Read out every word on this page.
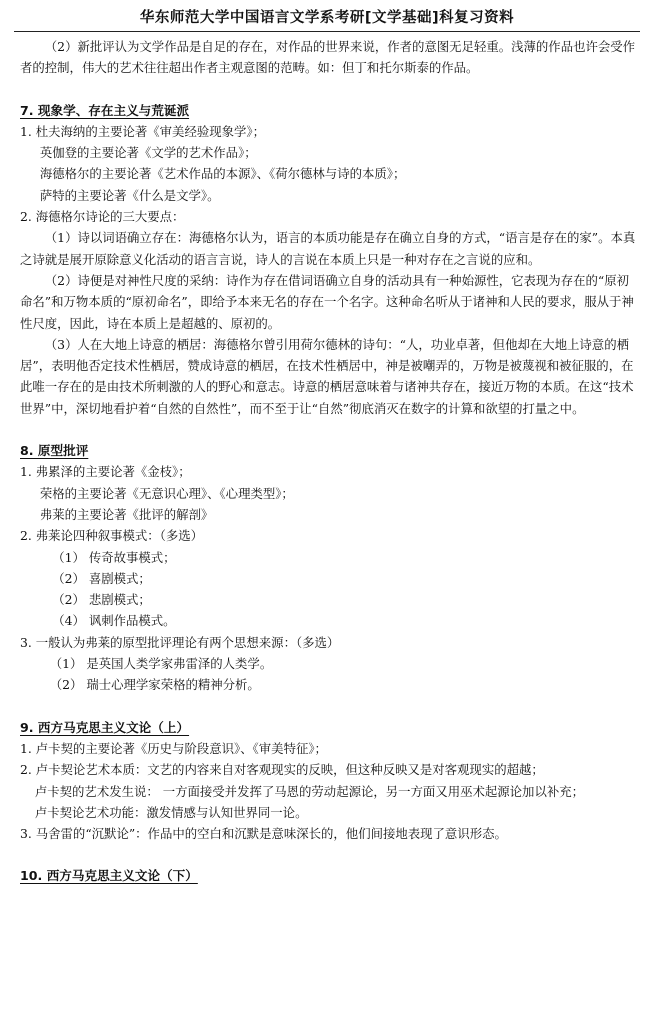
华东师范大学中国语言文学系考研[文学基础]科复习资料

（2）新批评认为文学作品是自足的存在，对作品的世界来说，作者的意图无足轻重。浅薄的作品也许会受作者的控制，伟大的艺术往往超出作者主观意图的范畴。如：但丁和托尔斯泰的作品。

7. 现象学、存在主义与荒诞派

1. 杜夫海纳的主要论著《审美经验现象学》；

英伽登的主要论著《文学的艺术作品》；

海德格尔的主要论著《艺术作品的本源》、《荷尔德林与诗的本质》；

萨特的主要论著《什么是文学》。

2. 海德格尔诗论的三大要点：

（1）诗以词语确立存在：海德格尔认为，语言的本质功能是存在确立自身的方式，“语言是存在的家”。本真之诗就是展开原除意义化活动的语言言说，诗人的言说在本质上只是一种对存在之言说的应和。

（2）诗便是对神性尺度的采纳：诗作为存在借词语确立自身的活动具有一种始源性，它表现为存在的“原初命名”和万物本质的“原初命名”，即给予本来无名的存在一个名字。这种命名听从于诸神和人民的要求，服从于神性尺度，因此，诗在本质上是超越的、原初的。

（3）人在大地上诗意的栖居：海德格尔曾引用荷尔德林的诗句：“人，功业卓著，但他却在大地上诗意的栖居”，表明他否定技术性栖居，赞成诗意的栖居，在技术性栖居中，神是被嘲弄的，万物是被蔑视和被征服的，在此唯一存在的是由技术所刺激的人的野心和意志。诗意的栖居意味着与诸神共存在，接近万物的本质。在这“技术世界”中，深切地看护着“自然的自然性”，而不至于让“自然”彻底消灭在数字的计算和欲望的打量之中。

8. 原型批评

1. 弗累泽的主要论著《金枝》；

荣格的主要论著《无意识心理》、《心理类型》；

弗莱的主要论著《批评的解剖》

2. 弗莱论四种叙事模式：（多选）

（1） 传奇故事模式；

（2） 喜剧模式；

（2） 悲剧模式；

（4） 讽刺作品模式。

3. 一般认为弗莱的原型批评理论有两个思想来源：（多选）

（1） 是英国人类学家弗雷泽的人类学。

（2） 瑞士心理学家荣格的精神分析。

9. 西方马克思主义文论（上）

1. 卢卡契的主要论著《历史与阶段意识》、《审美特征》；

2. 卢卡契论艺术本质：文艺的内容来自对客观现实的反映，但这种反映又是对客观现实的超越；

卢卡契的艺术发生说： 一方面接受并发挥了马恩的劳动起源论，另一方面又用巫术起源论加以补充；

卢卡契论艺术功能：激发情感与认知世界同一论。

3. 马舍雷的“沉默论”：作品中的空白和沉默是意味深长的，他们间接地表现了意识形态。

10. 西方马克思主义文论（下）
